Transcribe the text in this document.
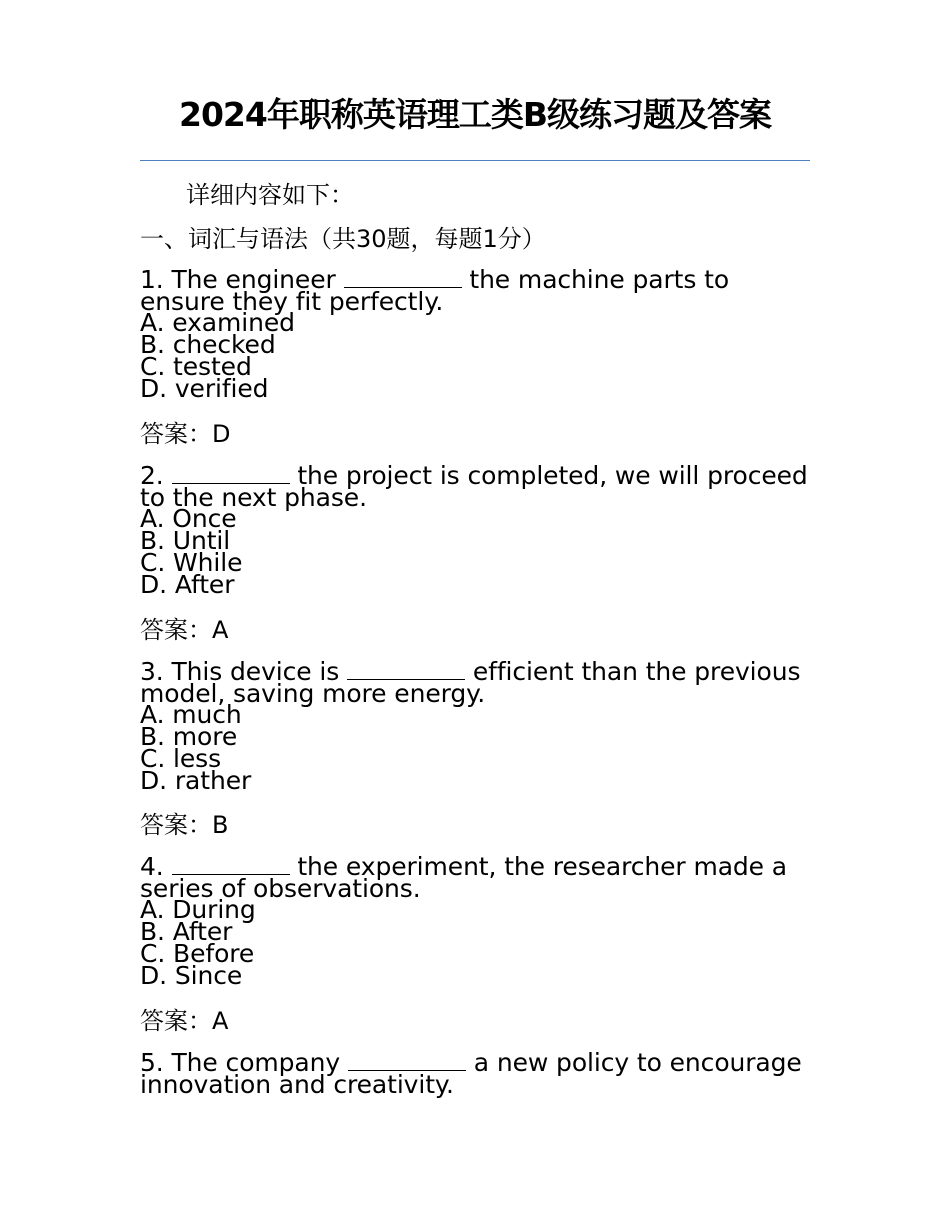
2024年职称英语理工类B级练习题及答案

详细内容如下：

一、词汇与语法（共30题，每题1分）

1. The engineer	the machine parts to ensure they fit perfectly.

A. examined

B. checked

C. tested

D. verified

答案：D

2.	the project is completed, we will proceed to the next phase.

A. Once

B. Until

C. While

D. After

答案：A

3. This device is	efficient than the previous model, saving more energy.

A. much

B. more

C. less

D. rather

答案：B

4.	the experiment, the researcher made a series of observations.

A. During

B. After

C. Before

D. Since

答案：A

5. The company	a new policy to encourage innovation and creativity.
